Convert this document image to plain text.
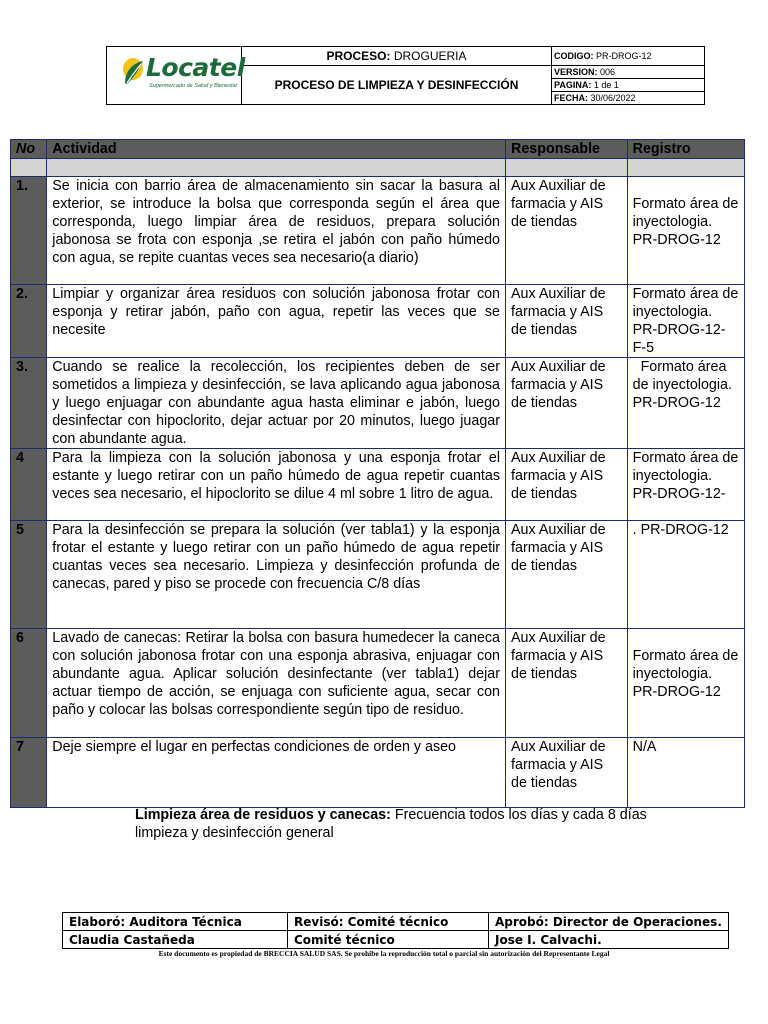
Locatel
Supermercado de Salud y Bienestar	PROCESO: DROGUERIA	CODIGO: PR-DROG-12
	PROCESO DE LIMPIEZA Y DESINFECCIÓN	VERSION: 006
		PAGINA: 1 de 1
		FECHA: 30/06/2022
No	Actividad	Responsable	Registro

1.	Se inicia con barrio área de almacenamiento sin sacar la basura al exterior, se introduce la bolsa que corresponda según el área que corresponda, luego limpiar área de residuos, prepara solución jabonosa se frota con esponja ,se retira el jabón con paño húmedo con agua, se repite cuantas veces sea necesario(a diario)	Aux Auxiliar de farmacia y AIS de tiendas	Formato área de inyectologia. PR-DROG-12
2.	Limpiar y organizar área residuos con solución jabonosa frotar con esponja y retirar jabón, paño con agua, repetir las veces que se necesite	Aux Auxiliar de farmacia y AIS de tiendas	Formato área de inyectologia. PR-DROG-12-F-5
3.	Cuando se realice la recolección, los recipientes deben de ser sometidos a limpieza y desinfección, se lava aplicando agua jabonosa y luego enjuagar con abundante agua hasta eliminar e jabón, luego desinfectar con hipoclorito, dejar actuar por 20 minutos, luego juagar con abundante agua.	Aux Auxiliar de farmacia y AIS de tiendas	Formato área de inyectologia. PR-DROG-12
4	Para la limpieza con la solución jabonosa y una esponja frotar el estante y luego retirar con un paño húmedo de agua repetir cuantas veces sea necesario, el hipoclorito se dilue 4 ml sobre 1 litro de agua.	Aux Auxiliar de farmacia y AIS de tiendas	Formato área de inyectologia. PR-DROG-12-
5	Para la desinfección se prepara la solución (ver tabla1) y la esponja frotar el estante y luego retirar con un paño húmedo de agua repetir cuantas veces sea necesario. Limpieza y desinfección profunda de canecas, pared y piso se procede con frecuencia C/8 días	Aux Auxiliar de farmacia y AIS de tiendas	. PR-DROG-12
6	Lavado de canecas: Retirar la bolsa con basura humedecer la caneca con solución jabonosa frotar con una esponja abrasiva, enjuagar con abundante agua. Aplicar solución desinfectante (ver tabla1) dejar actuar tiempo de acción, se enjuaga con suficiente agua, secar con paño y colocar las bolsas correspondiente según tipo de residuo.	Aux Auxiliar de farmacia y AIS de tiendas	Formato área de inyectologia. PR-DROG-12
7	Deje siempre el lugar en perfectas condiciones de orden y aseo	Aux Auxiliar de farmacia y AIS de tiendas	N/A
Limpieza área de residuos y canecas: Frecuencia todos los días y cada 8 días limpieza y desinfección general
Elaboró: Auditora Técnica	Revisó: Comité técnico	Aprobó: Director de Operaciones.
Claudia Castañeda	Comité técnico	Jose I. Calvachi.
Este documento es propiedad de BRECCIA SALUD SAS. Se prohibe la reproducción total o parcial sin autorización del Representante Legal
